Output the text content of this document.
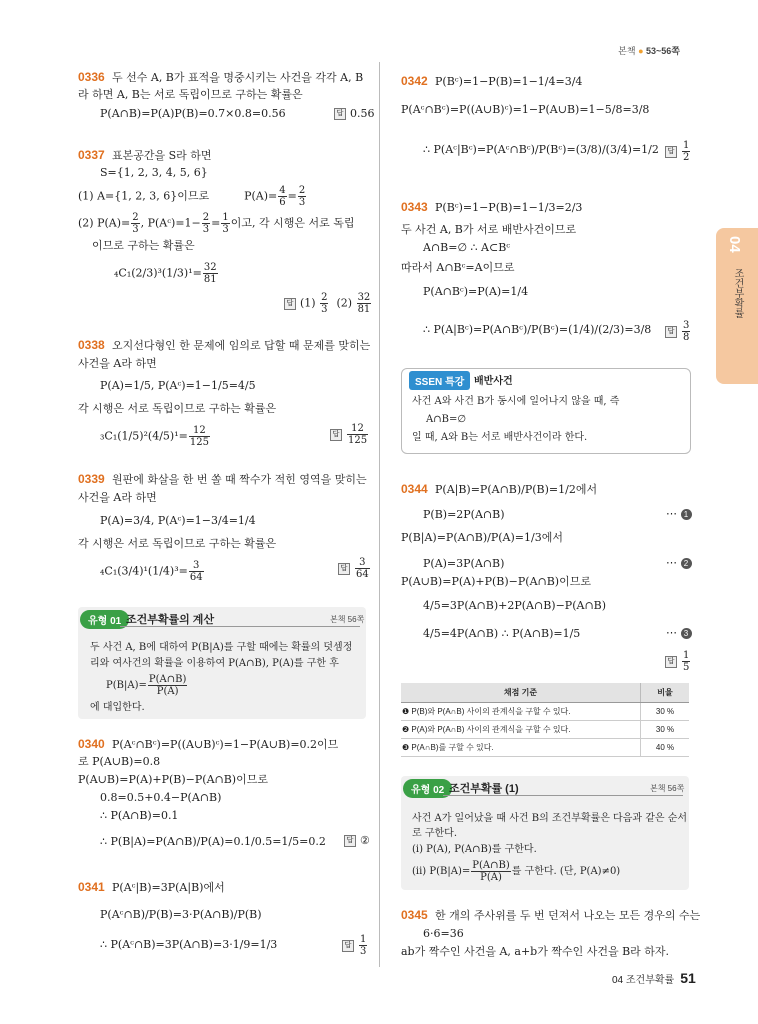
본책 ● 53~56쪽
04
조건부확률
0336 두 선수 A, B가 표적을 명중시키는 사건을 각각 A, B
라 하면 A, B는 서로 독립이므로 구하는 확률은
P(A∩B)=P(A)P(B)=0.7×0.8=0.56	답 0.56
0337 표본공간을 S라 하면
S={1, 2, 3, 4, 5, 6}
(1) A={1, 2, 3, 6}이므로	$P(A)= \frac{4}{6} = \frac{2}{3}$
(2) $P(A)= \frac{2}{3}$ , P(Aᶜ)=1− $\frac{2}{3} = \frac{1}{3}$ 이고, 각 시행은 서로 독립
이므로 구하는 확률은
$_4C_1(2/3)^3(1/3)^1= \frac{32}{81}$
답 $(1) \frac{2}{3} (2) \frac{32}{81}$
0338 오지선다형인 한 문제에 임의로 답할 때 문제를 맞히는
사건을 A라 하면
P(A)=1/5, P(Aᶜ)=1−1/5=4/5
각 시행은 서로 독립이므로 구하는 확률은
$_3C_1(1/5)^2(4/5)^1= \frac{12}{125}$	답 $\frac{12}{125}$
0339 원판에 화살을 한 번 쏠 때 짝수가 적힌 영역을 맞히는
사건을 A라 하면
P(A)=3/4, P(Aᶜ)=1−3/4=1/4
각 시행은 서로 독립이므로 구하는 확률은
$_4C_1(3/4)^1(1/4)^3= \frac{3}{64}$	답 $\frac{3}{64}$
유형 01 조건부확률의 계산	본책 56쪽
두 사건 A, B에 대하여 P(B|A)를 구할 때에는 확률의 덧셈정
리와 여사건의 확률을 이용하여 P(A∩B), P(A)를 구한 후
$P(B|A)= \frac{P(A\cap B)}{P(A)}$
에 대입한다.
0340 P(Aᶜ∩Bᶜ)=P((A∪B)ᶜ)=1−P(A∪B)=0.2이므
로 P(A∪B)=0.8
P(A∪B)=P(A)+P(B)−P(A∩B)이므로
0.8=0.5+0.4−P(A∩B)
∴ P(A∩B)=0.1
∴ P(B|A)=P(A∩B)/P(A)=0.1/0.5=1/5=0.2	답 ②
0341 P(Aᶜ|B)=3P(A|B)에서
P(Aᶜ∩B)/P(B)=3·P(A∩B)/P(B)
∴ P(Aᶜ∩B)=3P(A∩B)=3·1/9=1/3	답 $\frac{1}{3}$
0342 P(Bᶜ)=1−P(B)=1−1/4=3/4
P(Aᶜ∩Bᶜ)=P((A∪B)ᶜ)=1−P(A∪B)=1−5/8=3/8
∴ P(Aᶜ|Bᶜ)=P(Aᶜ∩Bᶜ)/P(Bᶜ)=(3/8)/(3/4)=1/2	답 $\frac{1}{2}$
0343 P(Bᶜ)=1−P(B)=1−1/3=2/3
두 사건 A, B가 서로 배반사건이므로
A∩B=∅ ∴ A⊂Bᶜ
따라서 A∩Bᶜ=A이므로
P(A∩Bᶜ)=P(A)=1/4
∴ P(A|Bᶜ)=P(A∩Bᶜ)/P(Bᶜ)=(1/4)/(2/3)=3/8	답 $\frac{3}{8}$
SSEN 특강 배반사건
사건 A와 사건 B가 동시에 일어나지 않을 때, 즉
A∩B=∅
일 때, A와 B는 서로 배반사건이라 한다.
0344 P(A|B)=P(A∩B)/P(B)=1/2에서
P(B)=2P(A∩B)	⋯ 1
P(B|A)=P(A∩B)/P(A)=1/3에서
P(A)=3P(A∩B)	⋯ 2
P(A∪B)=P(A)+P(B)−P(A∩B)이므로
4/5=3P(A∩B)+2P(A∩B)−P(A∩B)
4/5=4P(A∩B) ∴ P(A∩B)=1/5	⋯ 3
답 $\frac{1}{5}$
채점 기준	비율
❶ P(B)와 P(A∩B) 사이의 관계식을 구할 수 있다.	30 %
❷ P(A)와 P(A∩B) 사이의 관계식을 구할 수 있다.	30 %
❸ P(A∩B)를 구할 수 있다.	40 %
유형 02 조건부확률 (1)	본책 56쪽
사건 A가 일어났을 때 사건 B의 조건부확률은 다음과 같은 순서
로 구한다.
(i) P(A), P(A∩B)를 구한다.
(ii) $P(B|A)= \frac{P(A\cap B)}{P(A)}$ 를 구한다. (단, P(A)≠0)
0345 한 개의 주사위를 두 번 던져서 나오는 모든 경우의 수는
6·6=36
ab가 짝수인 사건을 A, a+b가 짝수인 사건을 B라 하자.
04 조건부확률 51
